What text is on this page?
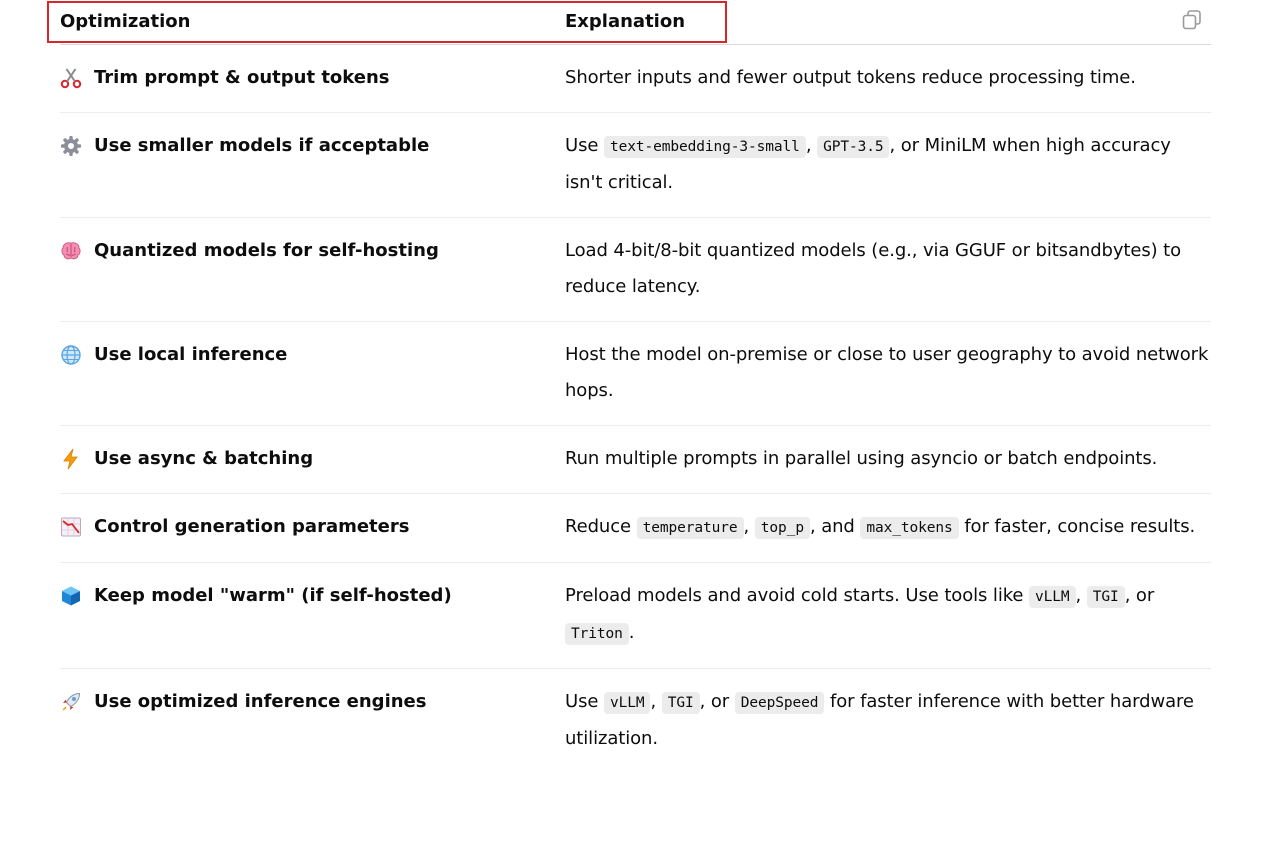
Optimization	Explanation
Trim prompt & output tokens	Shorter inputs and fewer output tokens reduce processing time.
Use smaller models if acceptable	Use text-embedding-3-small , GPT-3.5 , or MiniLM when high accuracy isn't critical.
Quantized models for self-hosting	Load 4-bit/8-bit quantized models (e.g., via GGUF or bitsandbytes) to reduce latency.
Use local inference	Host the model on-premise or close to user geography to avoid network hops.
Use async & batching	Run multiple prompts in parallel using asyncio or batch endpoints.
Control generation parameters	Reduce temperature , top_p , and max_tokens for faster, concise results.
Keep model "warm" (if self-hosted)	Preload models and avoid cold starts. Use tools like vLLM , TGI , or Triton .
Use optimized inference engines	Use vLLM , TGI , or DeepSpeed for faster inference with better hardware utilization.
